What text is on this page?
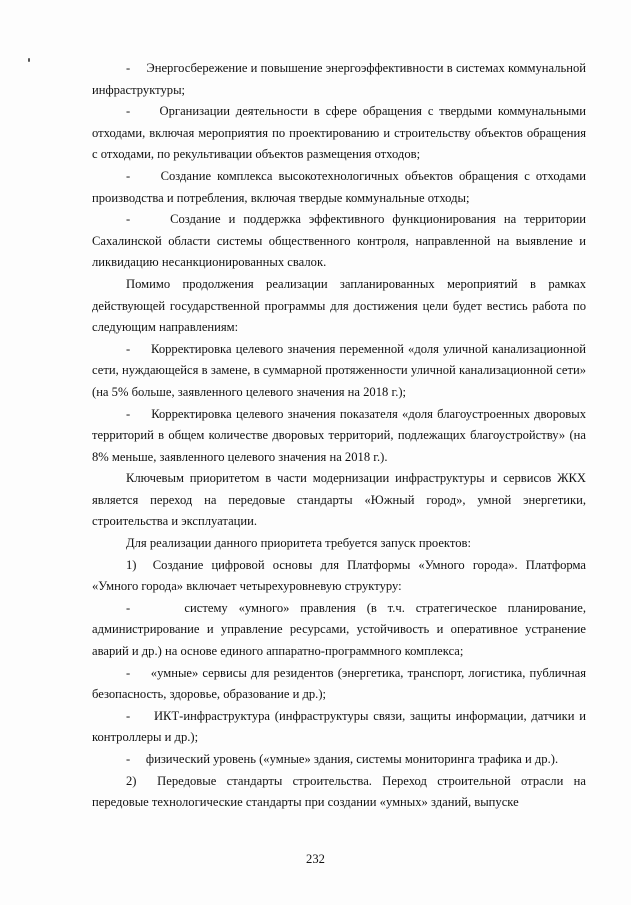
-     Энергосбережение и повышение энергоэффективности в системах коммунальной инфраструктуры;

-     Организации деятельности в сфере обращения с твердыми коммунальными отходами, включая мероприятия по проектированию и строительству объектов обращения с отходами, по рекультивации объектов размещения отходов;

-     Создание комплекса высокотехнологичных объектов обращения с отходами производства и потребления, включая твердые коммунальные отходы;

-     Создание и поддержка эффективного функционирования на территории Сахалинской области системы общественного контроля, направленной на выявление и ликвидацию несанкционированных свалок.

Помимо продолжения реализации запланированных мероприятий в рамках действующей государственной программы для достижения цели будет вестись работа по следующим направлениям:

-     Корректировка целевого значения переменной «доля уличной канализационной сети, нуждающейся в замене, в суммарной протяженности уличной канализационной сети» (на 5% больше, заявленного целевого значения на 2018 г.);

-     Корректировка целевого значения показателя «доля благоустроенных дворовых территорий в общем количестве дворовых территорий, подлежащих благоустройству» (на 8% меньше, заявленного целевого значения на 2018 г.).

Ключевым приоритетом в части модернизации инфраструктуры и сервисов ЖКХ является переход на передовые стандарты «Южный город», умной энергетики, строительства и эксплуатации.

Для реализации данного приоритета требуется запуск проектов:

1)  Создание цифровой основы для Платформы «Умного города». Платформа «Умного города» включает четырехуровневую структуру:

-     системy «умного» правления (в т.ч. стратегическое планирование, администрирование и управление ресурсами, устойчивость и оперативное устранение аварий и др.) на основе единого аппаратно-программного комплекса;

-     «умные» сервисы для резидентов (энергетика, транспорт, логистика, публичная безопасность, здоровье, образование и др.);

-     ИКТ-инфраструктура (инфраструктуры связи, защиты информации, датчики и контроллеры и др.);

-     физический уровень («умные» здания, системы мониторинга трафика и др.).

2)  Передовые стандарты строительства. Переход строительной отрасли на передовые технологические стандарты при создании «умных» зданий, выпуске

232
